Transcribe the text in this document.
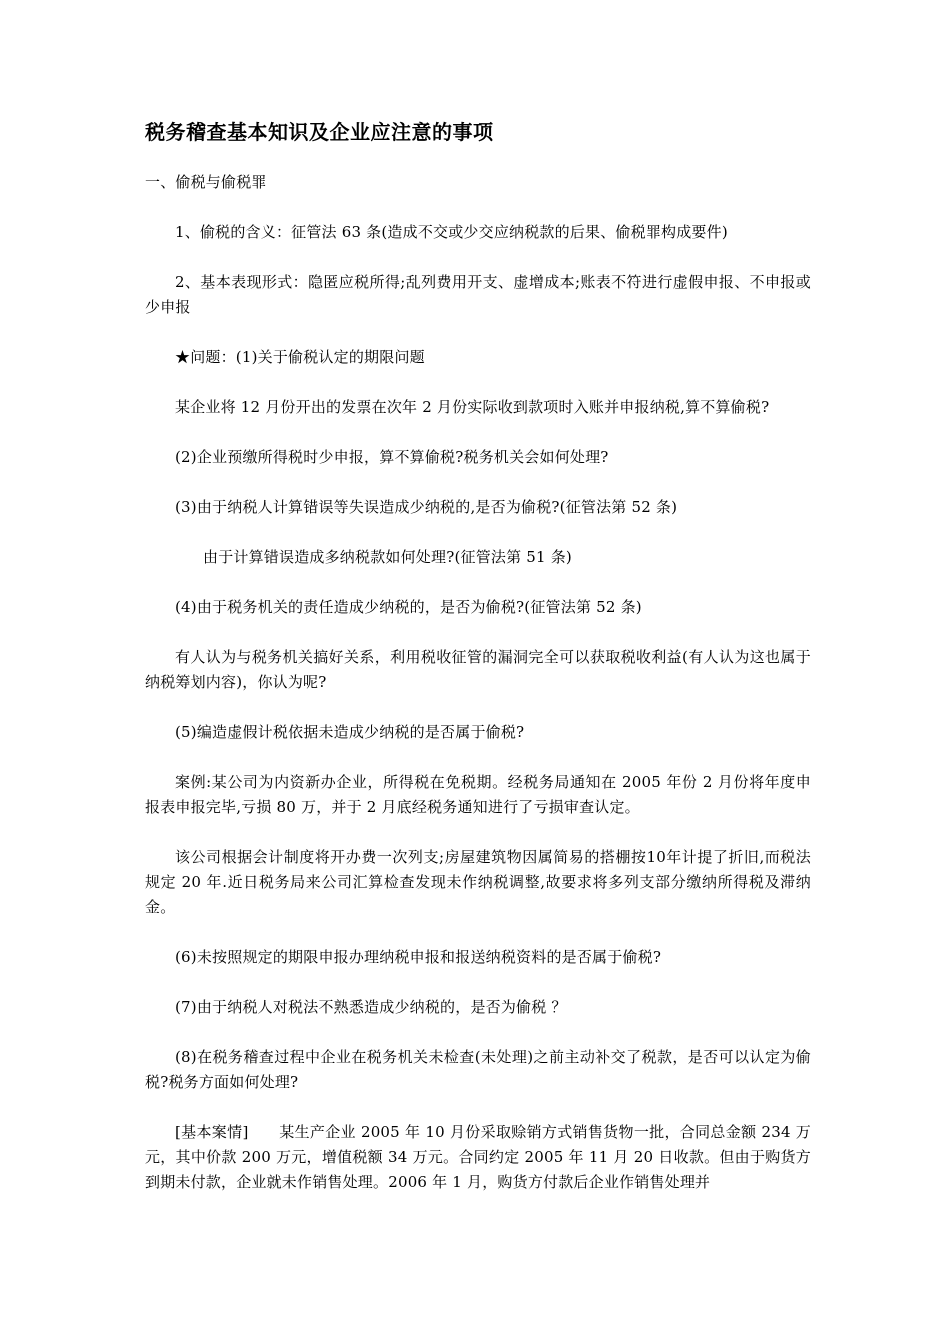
税务稽查基本知识及企业应注意的事项

一、偷税与偷税罪

1、偷税的含义：征管法 63 条(造成不交或少交应纳税款的后果、偷税罪构成要件)

2、基本表现形式：隐匿应税所得;乱列费用开支、虚增成本;账表不符进行虚假申报、不申报或少申报

★问题：(1)关于偷税认定的期限问题

某企业将 12 月份开出的发票在次年 2 月份实际收到款项时入账并申报纳税,算不算偷税?

(2)企业预缴所得税时少申报，算不算偷税?税务机关会如何处理?

(3)由于纳税人计算错误等失误造成少纳税的,是否为偷税?(征管法第 52 条)

由于计算错误造成多纳税款如何处理?(征管法第 51 条)

(4)由于税务机关的责任造成少纳税的，是否为偷税?(征管法第 52 条)

有人认为与税务机关搞好关系，利用税收征管的漏洞完全可以获取税收利益(有人认为这也属于纳税筹划内容)，你认为呢?

(5)编造虚假计税依据未造成少纳税的是否属于偷税?

案例:某公司为内资新办企业，所得税在免税期。经税务局通知在 2005 年份 2 月份将年度申报表申报完毕,亏损 80 万，并于 2 月底经税务通知进行了亏损审查认定。

该公司根据会计制度将开办费一次列支;房屋建筑物因属简易的搭棚按10年计提了折旧,而税法规定 20 年.近日税务局来公司汇算检查发现未作纳税调整,故要求将多列支部分缴纳所得税及滞纳金。

(6)未按照规定的期限申报办理纳税申报和报送纳税资料的是否属于偷税?

(7)由于纳税人对税法不熟悉造成少纳税的，是否为偷税 ？

(8)在税务稽查过程中企业在税务机关未检查(未处理)之前主动补交了税款，是否可以认定为偷税?税务方面如何处理?

[基本案情]　　某生产企业 2005 年 10 月份采取赊销方式销售货物一批，合同总金额 234 万元，其中价款 200 万元，增值税额 34 万元。合同约定 2005 年 11 月 20 日收款。但由于购货方到期未付款，企业就未作销售处理。2006 年 1 月，购货方付款后企业作销售处理并
